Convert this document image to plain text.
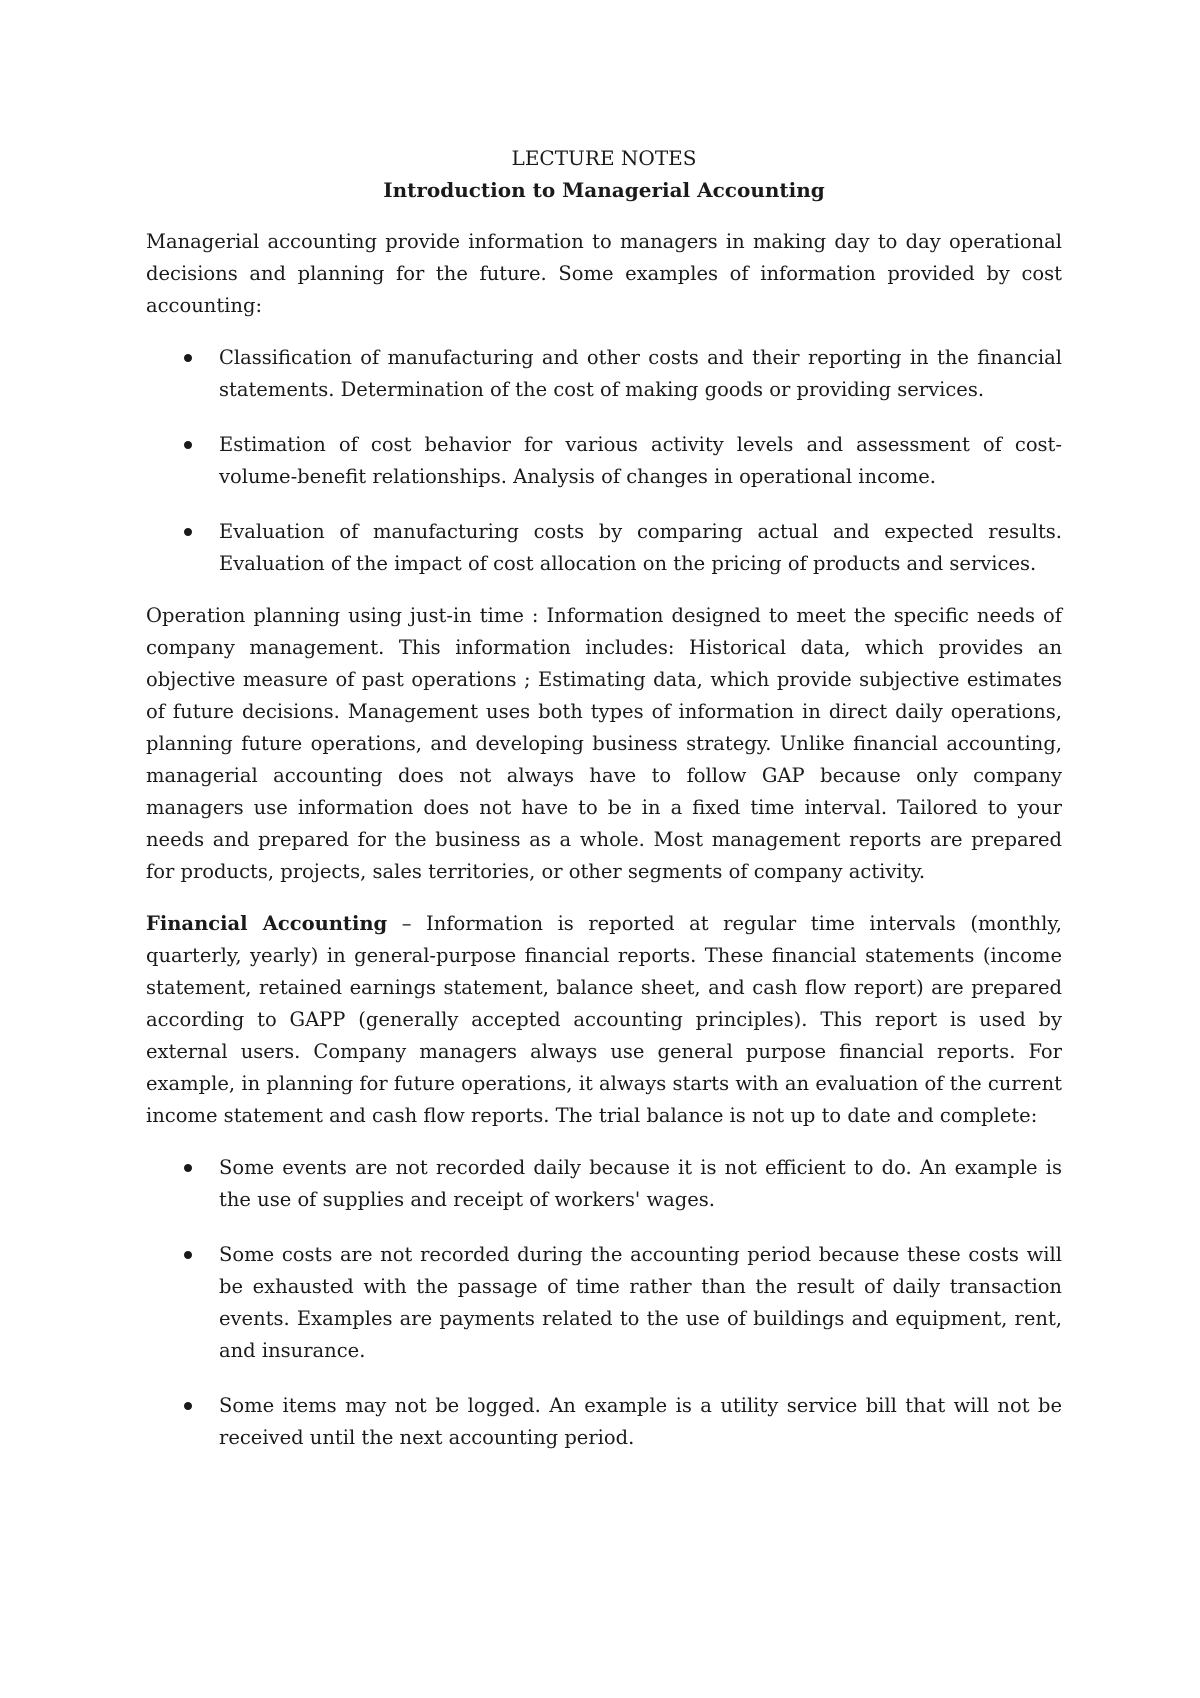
LECTURE NOTES
Introduction to Managerial Accounting

Managerial accounting provide information to managers in making day to day operational decisions and planning for the future. Some examples of information provided by cost accounting:

Classification of manufacturing and other costs and their reporting in the financial statements. Determination of the cost of making goods or providing services.
Estimation of cost behavior for various activity levels and assessment of cost-volume-benefit relationships. Analysis of changes in operational income.
Evaluation of manufacturing costs by comparing actual and expected results. Evaluation of the impact of cost allocation on the pricing of products and services.

Operation planning using just-in time : Information designed to meet the specific needs of company management. This information includes: Historical data, which provides an objective measure of past operations ; Estimating data, which provide subjective estimates of future decisions. Management uses both types of information in direct daily operations, planning future operations, and developing business strategy. Unlike financial accounting, managerial accounting does not always have to follow GAP because only company managers use information does not have to be in a fixed time interval. Tailored to your needs and prepared for the business as a whole. Most management reports are prepared for products, projects, sales territories, or other segments of company activity.

Financial Accounting – Information is reported at regular time intervals (monthly, quarterly, yearly) in general-purpose financial reports. These financial statements (income statement, retained earnings statement, balance sheet, and cash flow report) are prepared according to GAPP (generally accepted accounting principles). This report is used by external users. Company managers always use general purpose financial reports. For example, in planning for future operations, it always starts with an evaluation of the current income statement and cash flow reports. The trial balance is not up to date and complete:

Some events are not recorded daily because it is not efficient to do. An example is the use of supplies and receipt of workers' wages.
Some costs are not recorded during the accounting period because these costs will be exhausted with the passage of time rather than the result of daily transaction events. Examples are payments related to the use of buildings and equipment, rent, and insurance.
Some items may not be logged. An example is a utility service bill that will not be received until the next accounting period.
